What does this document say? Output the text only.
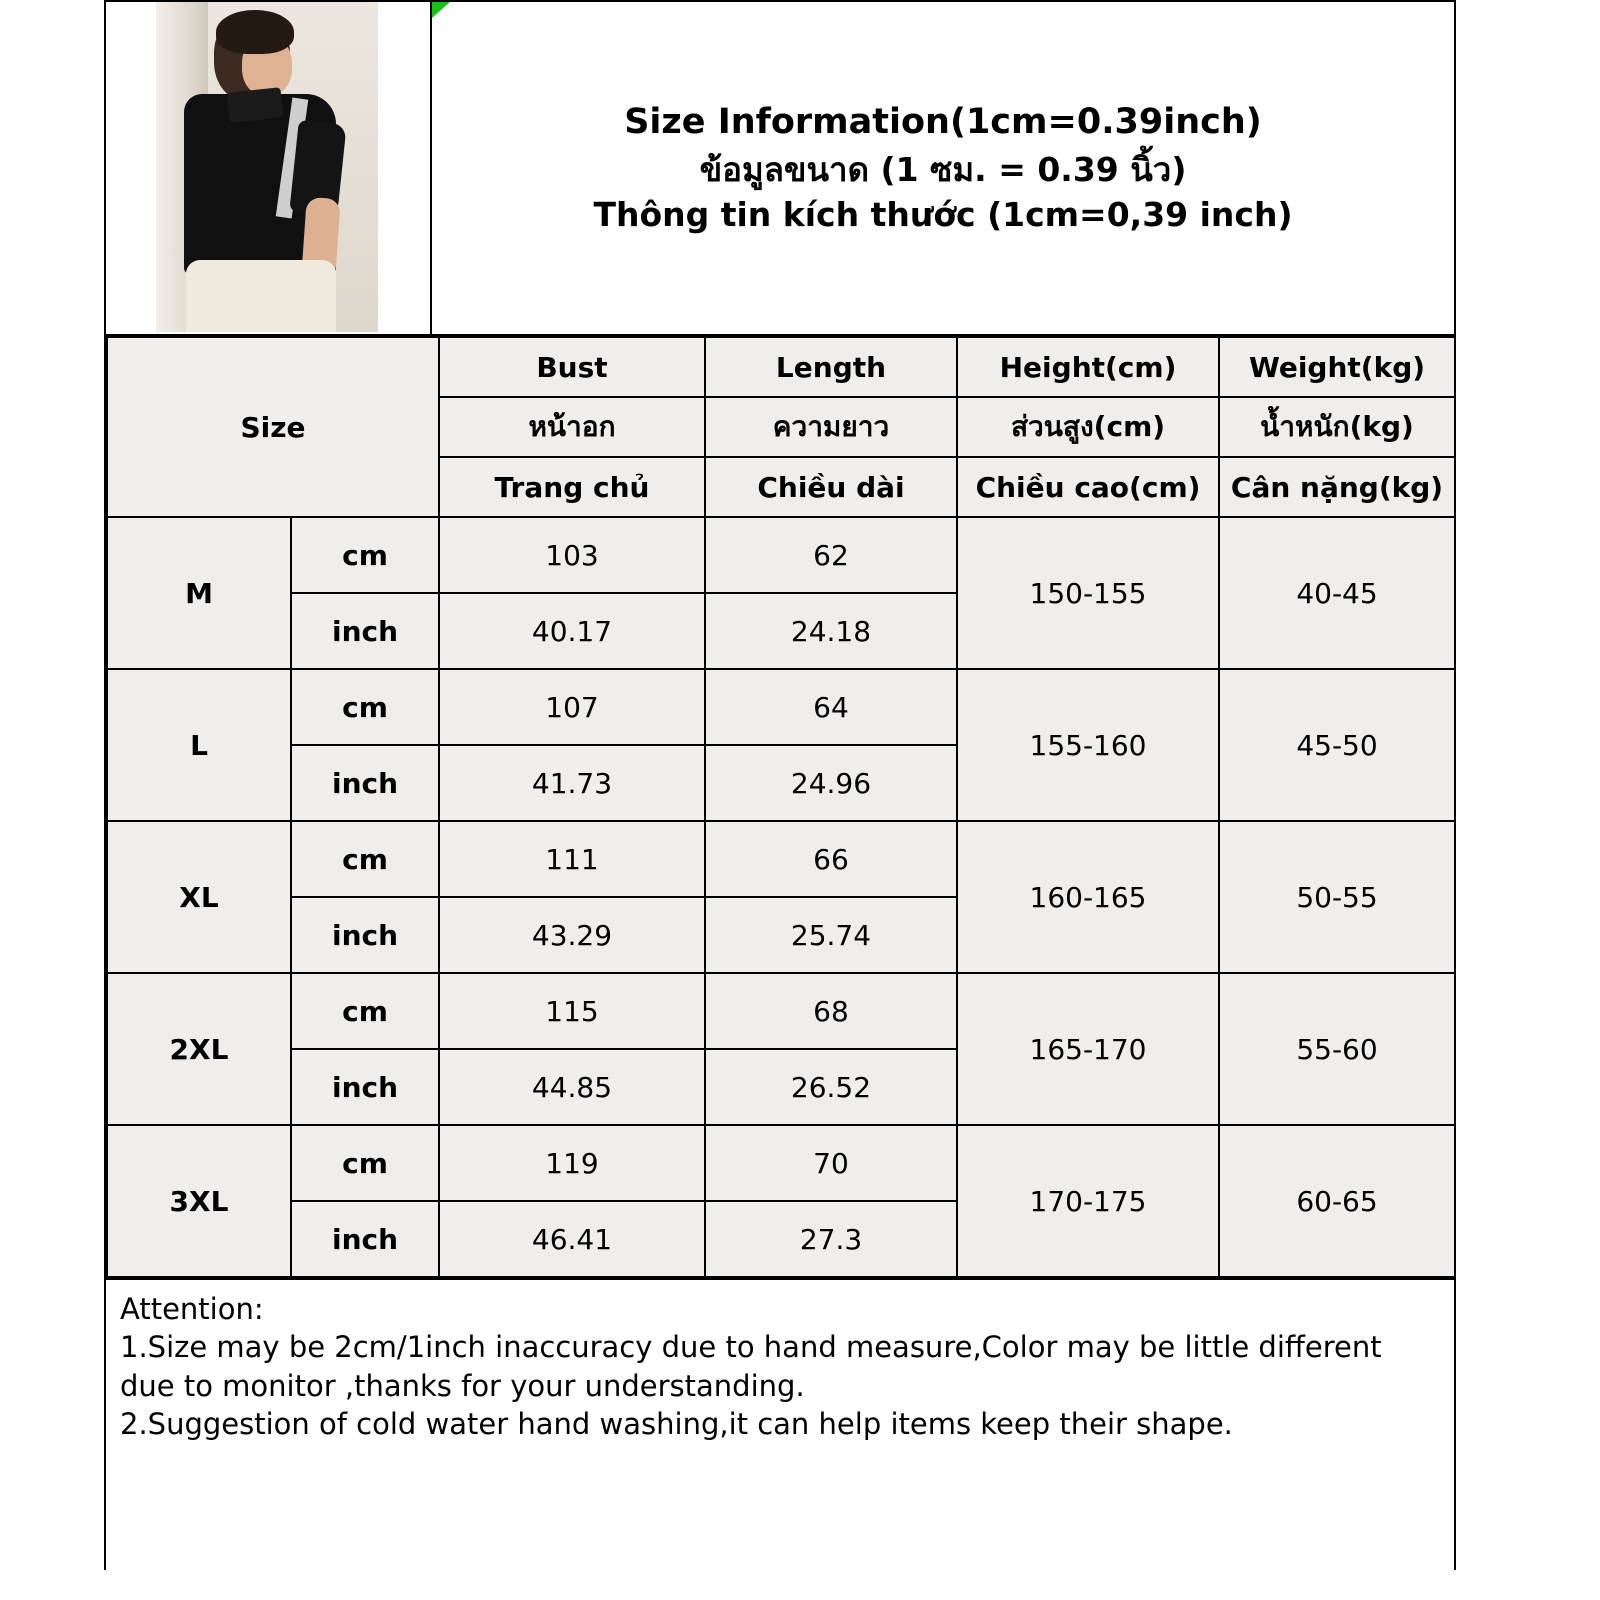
Size Information(1cm=0.39inch)
ข้อมูลขนาด (1 ซม. = 0.39 นิ้ว)
Thông tin kích thước (1cm=0,39 inch)
Size		Bust	Length	Height(cm)	Weight(kg)
		หน้าอก	ความยาว	ส่วนสูง(cm)	น้ำหนัก(kg)
		Trang chủ	Chiều dài	Chiều cao(cm)	Cân nặng(kg)
M	cm	103	62	150-155	40-45
	inch	40.17	24.18		
L	cm	107	64	155-160	45-50
	inch	41.73	24.96		
XL	cm	111	66	160-165	50-55
	inch	43.29	25.74		
2XL	cm	115	68	165-170	55-60
	inch	44.85	26.52		
3XL	cm	119	70	170-175	60-65
	inch	46.41	27.3		
Attention:
1.Size may be 2cm/1inch inaccuracy due to hand measure,Color may be little different
due to monitor ,thanks for your understanding.
2.Suggestion of cold water hand washing,it can help items keep their shape.
